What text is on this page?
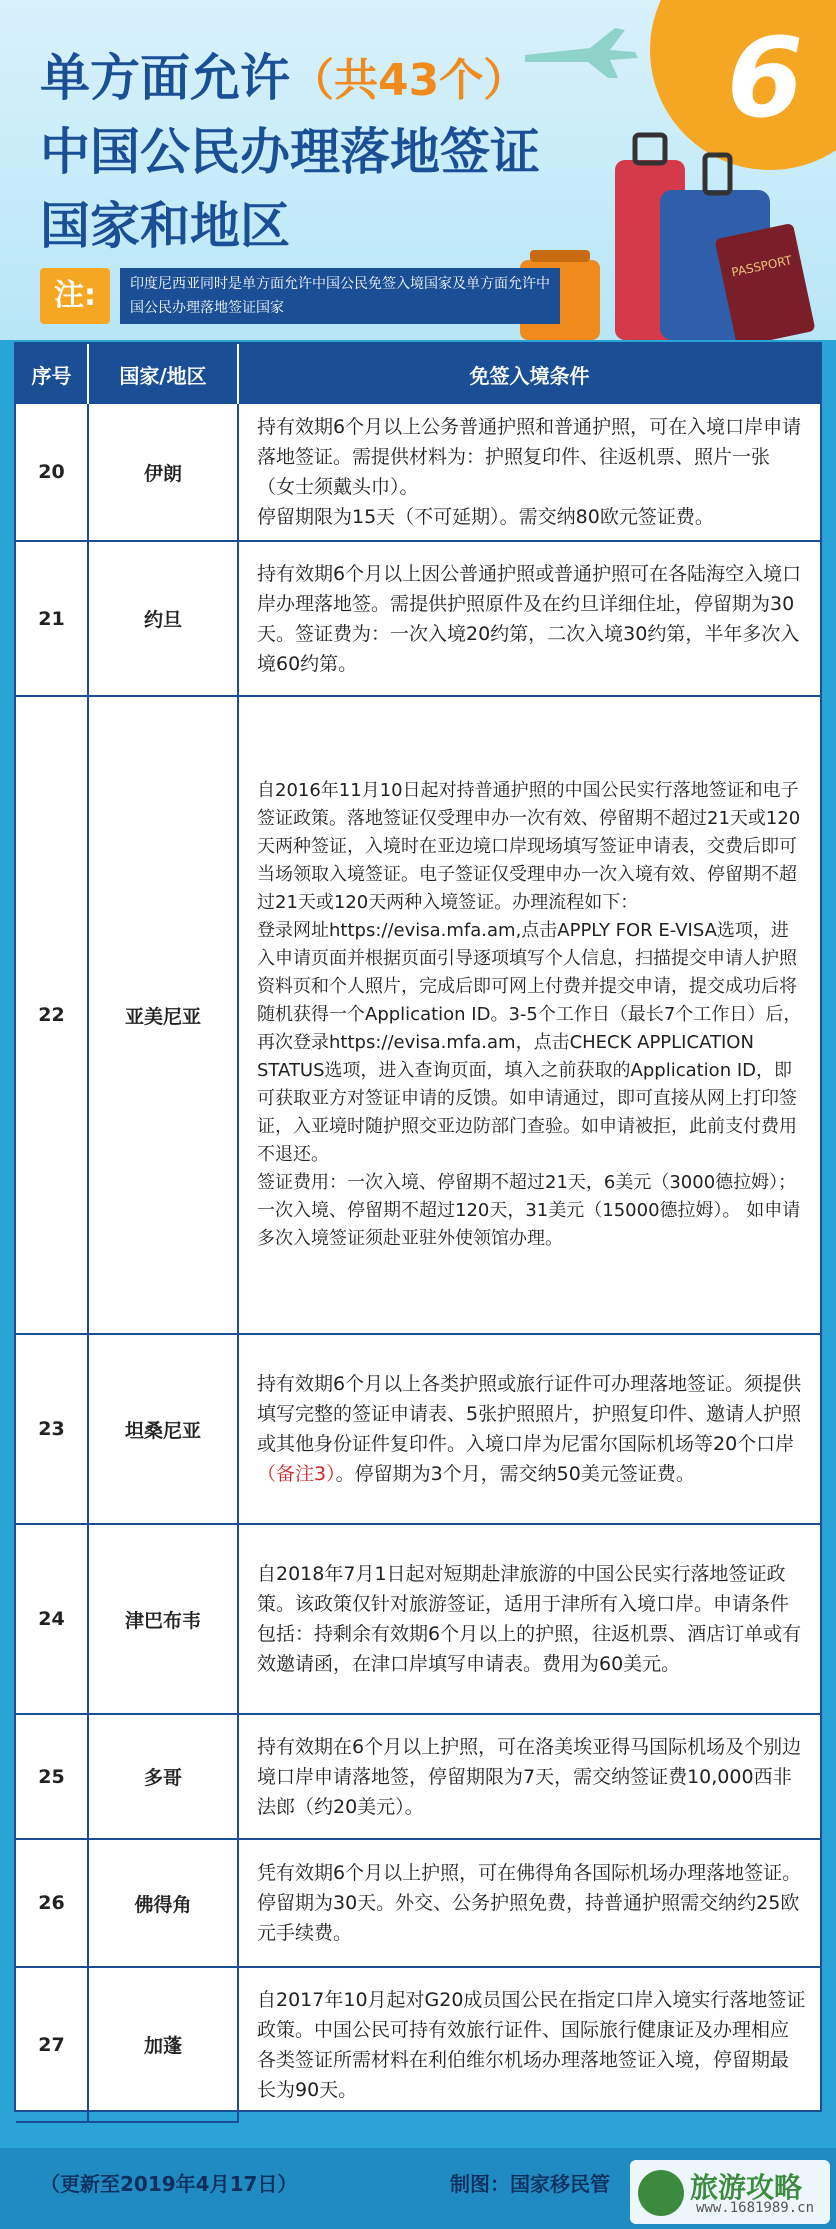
6
PASSPORT
单方面允许（共43个）
中国公民办理落地签证
国家和地区
注:	印度尼西亚同时是单方面允许中国公民免签入境国家及单方面允许中国公民办理落地签证国家
序号	国家/地区	免签入境条件
20	伊朗	持有效期6个月以上公务普通护照和普通护照，可在入境口岸申请落地签证。需提供材料为：护照复印件、往返机票、照片一张（女士须戴头巾）。
停留期限为15天（不可延期）。需交纳80欧元签证费。
21	约旦	持有效期6个月以上因公普通护照或普通护照可在各陆海空入境口岸办理落地签。需提供护照原件及在约旦详细住址，停留期为30天。签证费为：一次入境20约第，二次入境30约第，半年多次入境60约第。
22	亚美尼亚	自2016年11月10日起对持普通护照的中国公民实行落地签证和电子签证政策。落地签证仅受理申办一次有效、停留期不超过21天或120天两种签证，入境时在亚边境口岸现场填写签证申请表，交费后即可当场领取入境签证。电子签证仅受理申办一次入境有效、停留期不超过21天或120天两种入境签证。办理流程如下：
登录网址https://evisa.mfa.am,点击APPLY FOR E-VISA选项，进入申请页面并根据页面引导逐项填写个人信息，扫描提交申请人护照资料页和个人照片，完成后即可网上付费并提交申请，提交成功后将随机获得一个Application ID。3-5个工作日（最长7个工作日）后，再次登录https://evisa.mfa.am，点击CHECK APPLICATION STATUS选项，进入查询页面，填入之前获取的Application ID，即可获取亚方对签证申请的反馈。如申请通过，即可直接从网上打印签证，入亚境时随护照交亚边防部门查验。如申请被拒，此前支付费用不退还。
签证费用：一次入境、停留期不超过21天，6美元（3000德拉姆）；一次入境、停留期不超过120天，31美元（15000德拉姆）。 如申请多次入境签证须赴亚驻外使领馆办理。
23	坦桑尼亚	持有效期6个月以上各类护照或旅行证件可办理落地签证。须提供填写完整的签证申请表、5张护照照片，护照复印件、邀请人护照或其他身份证件复印件。入境口岸为尼雷尔国际机场等20个口岸（备注3）。停留期为3个月，需交纳50美元签证费。
24	津巴布韦	自2018年7月1日起对短期赴津旅游的中国公民实行落地签证政策。该政策仅针对旅游签证，适用于津所有入境口岸。申请条件包括：持剩余有效期6个月以上的护照，往返机票、酒店订单或有效邀请函，在津口岸填写申请表。费用为60美元。
25	多哥	持有效期在6个月以上护照，可在洛美埃亚得马国际机场及个别边境口岸申请落地签，停留期限为7天，需交纳签证费10,000西非法郎（约20美元）。
26	佛得角	凭有效期6个月以上护照，可在佛得角各国际机场办理落地签证。停留期为30天。外交、公务护照免费，持普通护照需交纳约25欧元手续费。
27	加蓬	自2017年10月起对G20成员国公民在指定口岸入境实行落地签证政策。中国公民可持有效旅行证件、国际旅行健康证及办理相应各类签证所需材料在利伯维尔机场办理落地签证入境，停留期最长为90天。
（更新至2019年4月17日）	制图：国家移民管	旅游攻略
www.1681989.cn
